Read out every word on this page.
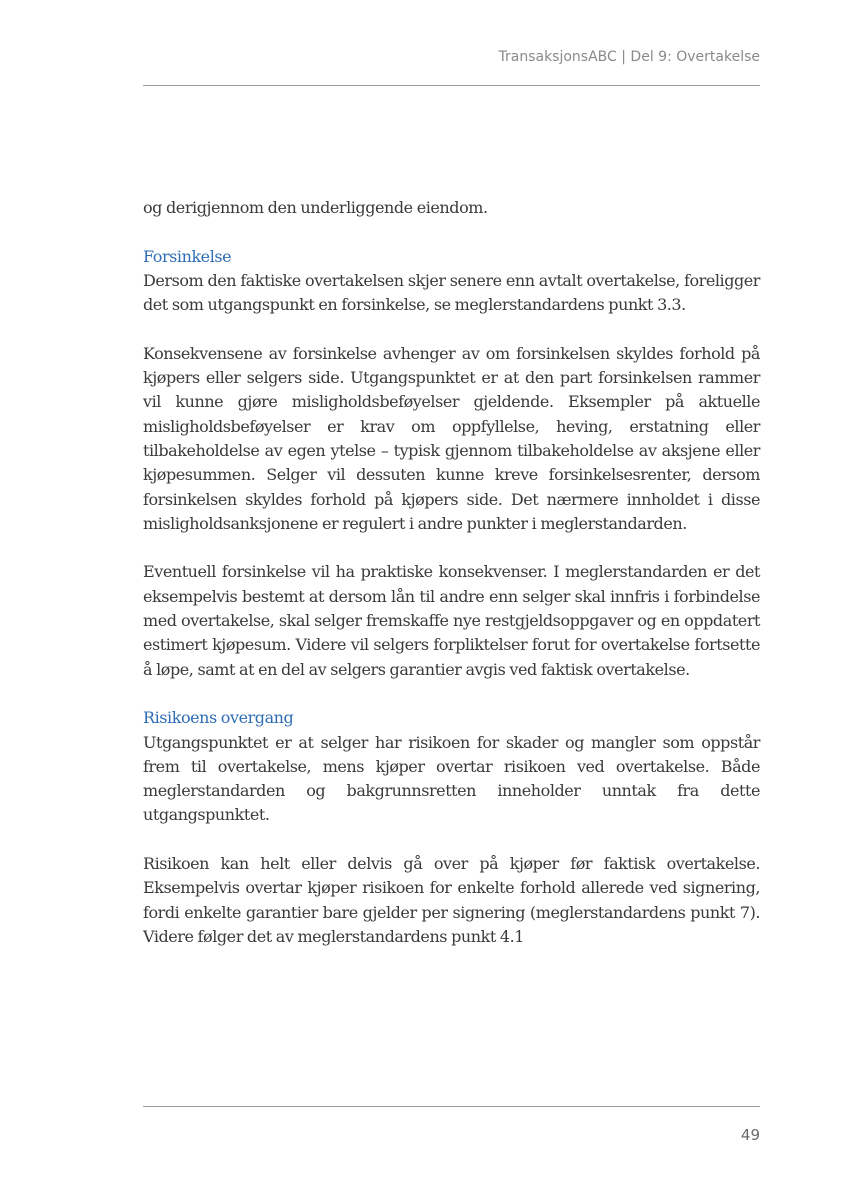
TransaksjonsABC | Del 9: Overtakelse

og derigjennom den underliggende eiendom.

Forsinkelse

Dersom den faktiske overtakelsen skjer senere enn avtalt overtakelse, foreligger det som utgangspunkt en forsinkelse, se meglerstandardens punkt 3.3.

Konsekvensene av forsinkelse avhenger av om forsinkelsen skyldes forhold på kjøpers eller selgers side. Utgangspunktet er at den part forsinkelsen rammer vil kunne gjøre misligholdsbeføyelser gjeldende. Eksempler på aktuelle misligholdsbeføyelser er krav om oppfyllelse, heving, erstatning eller tilbakeholdelse av egen ytelse – typisk gjennom tilbakeholdelse av aksjene eller kjøpesummen. Selger vil dessuten kunne kreve forsinkelsesrenter, dersom forsinkelsen skyldes forhold på kjøpers side. Det nærmere innholdet i disse misligholdsanksjonene er regulert i andre punkter i meglerstandarden.

Eventuell forsinkelse vil ha praktiske konsekvenser. I meglerstandarden er det eksempelvis bestemt at dersom lån til andre enn selger skal innfris i forbindelse med overtakelse, skal selger fremskaffe nye restgjeldsoppgaver og en oppdatert estimert kjøpesum. Videre vil selgers forpliktelser forut for overtakelse fortsette å løpe, samt at en del av selgers garantier avgis ved faktisk overtakelse.

Risikoens overgang

Utgangspunktet er at selger har risikoen for skader og mangler som oppstår frem til overtakelse, mens kjøper overtar risikoen ved overtakelse. Både meglerstandarden og bakgrunnsretten inneholder unntak fra dette utgangspunktet.

Risikoen kan helt eller delvis gå over på kjøper før faktisk overtakelse. Eksempelvis overtar kjøper risikoen for enkelte forhold allerede ved signering, fordi enkelte garantier bare gjelder per signering (meglerstandardens punkt 7). Videre følger det av meglerstandardens punkt 4.1

49
